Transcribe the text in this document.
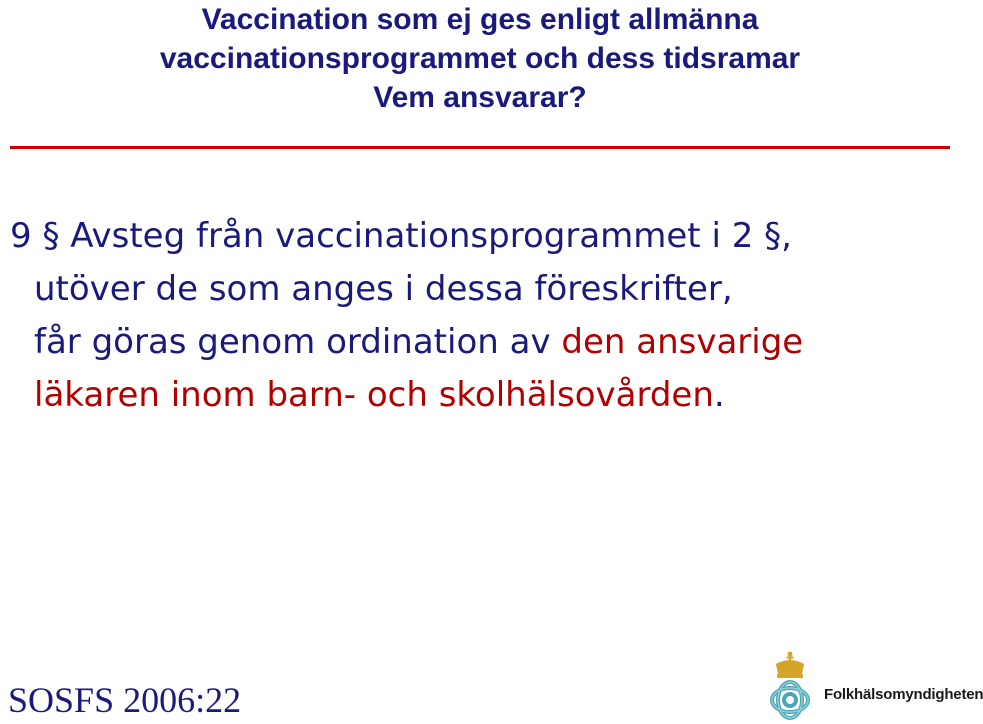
Vaccination som ej ges enligt allmänna
vaccinationsprogrammet och dess tidsramar
Vem ansvarar?
9 § Avsteg från vaccinationsprogrammet i 2 §,
utöver de som anges i dessa föreskrifter,
får göras genom ordination av den ansvarige
läkaren inom barn- och skolhälsovården.
SOSFS 2006:22	Folkhälsomyndigheten
